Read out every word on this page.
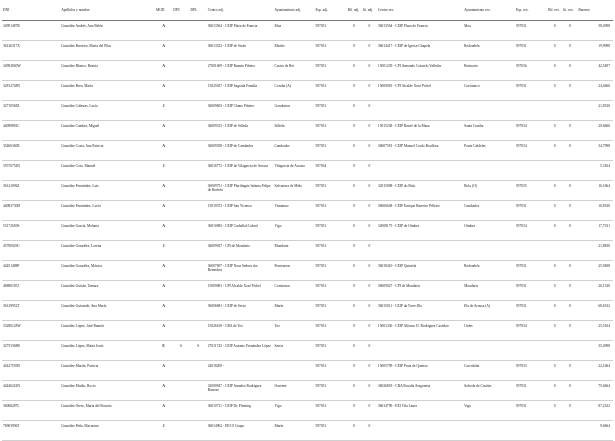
DNI	Apellidos y nombre	MOD	DPC	DPL	Centro adj.	Ayuntamiento adj.	Esp. adj.	Bil. adj.	Iti. adj.	Centro rex.	Ayuntamiento rex.	Esp. rex.	Bil. rex.	Iti. rex.	Baremo
34991487R	González Andrés, Ana Belén	A			36013564 - CEIP Plaza de Francia	Moa	597031	0	0	36013564 - CEIP Plaza de Francia	Moa	597031	0	0	58,4998
36126317X	González Barreiro, María del Pilar	A			36013532 - CEIP de Sisán	Meaño	597031	0	0	36014417 - CEIP de Igrexa-Chapela	Redondela	597031	0	0	19,9998
34992840W	González Blanco, Beatriz	A			27001609 - CEIP Ramón Piñeiro	Castro de Rei	597031	0	0	15001239 - CPI Armando Cotarelo Valledor	Boimorto	597036	0	0	42,5497
32812748N	González Brea, María	A			15025037 - CEIP Sagrada Familia	Coruña (A)	597031	0	0	15009081 - CPI Alcalde Xosé Pichel	Coristanco	597031	0	0	24,4666
32710568Z	González Cabezas, Lucía	J			36009603 - CEIP Chano Piñeiro	Gondomar	597031	0	0						21,8330
44098881C	González Cambra, Miguel	A			36009315 - CEIP de Silleda	Silleda	597031	0	0	15015238 - CEIP Barrié de la Maza	Santa Comba	597034	0	0	20,6666
35466360E	González Costa, Ana Patricia	A			36009358 - CEIP de Cambados	Cambados	597031	0	0	36007581 - CEIP Manuel Cordo Boullosa	Ponte Caldelas	597034	0	0	34,7998
35570754N	González Coto, Manuel	J			36016772 - CEIP de Vilagarcía de Arousa	Vilagarcía de Arousa	597034	0	0						5,3164
36141096Z	González Fernández, Luis	A			36009751 - CEIP Plurilingüe Infanta Felipe de Borbón	Salvaterra de Miño	597031	0	0	32015008 - CEIP do Bolo	Bolo (O)	597035	0	0	16,1664
44083730H	González Fernández, Lucía	A			15019372 - CEIP San Vicenzo	Vimianzo	597031	0	0	36006648 - CEIP Enrique Barreiro Pilleiro	Cambados	597031	0	0	16,8330
53172650S	González García, Melania	A			36010083 - CEIP Carballal-Cabral	Vigo	597031	0	0	32008175 - CEIP de Oímbra	Oímbra	597034	0	0	17,7331
45780029C	González González, Lorena	J			36009037 - CPI de Mondariz	Mondariz	597031	0	0						21,8830
44451488F	González González, Mónica	A			36007697 - CEIP Nosa Señora dos Remedios	Ponteareas	597031	0	0	36018410 - CEIP Quintela	Redondela	597031	0	0	25,9498
46886185J	González Guisán, Tamara	A			15009081 - CPI Alcalde Xosé Pichel	Coristanco	597031	0	0	36009027 - CPI de Mondariz	Mondariz	597031	0	0	26,1330
36129952T	González Guisande, Ana María	A			36006681 - CEIP de Seixo	Marín	597031	0	0	36015011 - CEIP da Torre-Illa	Illa de Arousa (A)	597031	0	0	68,6332
33280128W	González López, José Ramón	A			15026169 - CRA de Teo	Teo	597031	0	0	15001336 - CEIP Alfonso D. Rodríguez Castelao	Ordes	597034	0	0	25,5164
32753368B	González López, María Jesús	E	S	S	27011743 - CEIP Antonio Fernández López	Sarria	597031	0	0						35,4998
44427559D	González Martín, Patricia	A			24018209 -		597031	0	0	15005799 - CEIP Praia de Quenxe	Corcubión	597033	0	0	22,1664
44446224N	González Muiño, Rocío	A			32000947 - CEIP Amadeo Rodríguez Barroso	Ourense	597031	0	0	36026818 - CRA Rosalía Aragonesa	Salceda de Caselas	597031	0	0	75,6664
36068287L	González Otero, María del Rosario	A			36010711 - CEIP Dr. Fleming	Vigo	597031	0	0	36014799 - EEI Vila Laura	Vigo	597031	0	0	87,2332
76903996T	González Peña, Macarena	J			36014902 - EEI O Grupo	Marín	597031	0	0						9,6664
